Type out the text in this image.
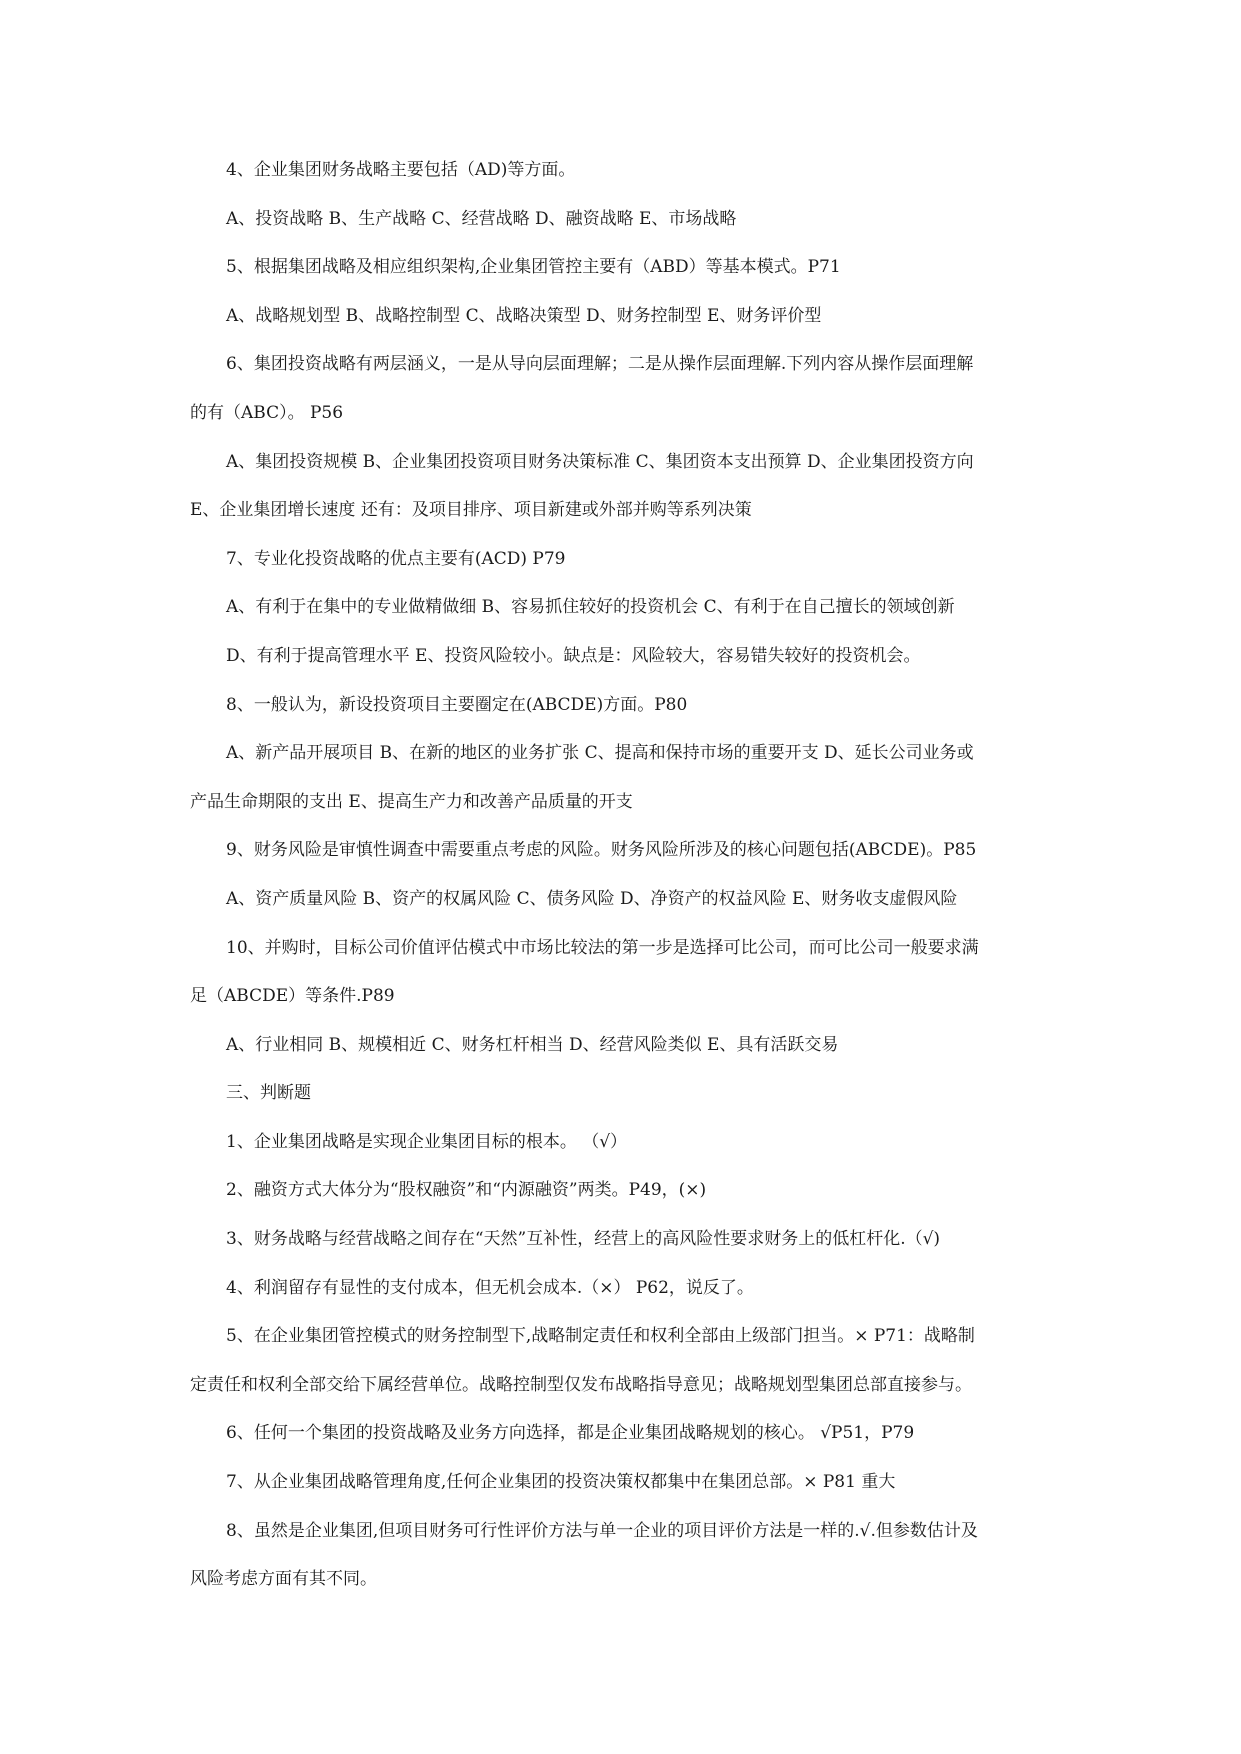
4、企业集团财务战略主要包括（AD)等方面。

A、投资战略 B、生产战略 C、经营战略 D、融资战略 E、市场战略

5、根据集团战略及相应组织架构,企业集团管控主要有（ABD）等基本模式。P71

A、战略规划型 B、战略控制型 C、战略决策型 D、财务控制型 E、财务评价型

6、集团投资战略有两层涵义，一是从导向层面理解；二是从操作层面理解.下列内容从操作层面理解

的有（ABC）。 P56

A、集团投资规模 B、企业集团投资项目财务决策标准 C、集团资本支出预算 D、企业集团投资方向

E、企业集团增长速度 还有：及项目排序、项目新建或外部并购等系列决策

7、专业化投资战略的优点主要有(ACD) P79

A、有利于在集中的专业做精做细 B、容易抓住较好的投资机会 C、有利于在自己擅长的领域创新

D、有利于提高管理水平 E、投资风险较小。缺点是：风险较大，容易错失较好的投资机会。

8、一般认为，新设投资项目主要圈定在(ABCDE)方面。P80

A、新产品开展项目 B、在新的地区的业务扩张 C、提高和保持市场的重要开支 D、延长公司业务或

产品生命期限的支出 E、提高生产力和改善产品质量的开支

9、财务风险是审慎性调查中需要重点考虑的风险。财务风险所涉及的核心问题包括(ABCDE)。P85

A、资产质量风险 B、资产的权属风险 C、债务风险 D、净资产的权益风险 E、财务收支虚假风险

10、并购时，目标公司价值评估模式中市场比较法的第一步是选择可比公司，而可比公司一般要求满

足（ABCDE）等条件.P89

A、行业相同 B、规模相近 C、财务杠杆相当 D、经营风险类似 E、具有活跃交易

三、判断题

1、企业集团战略是实现企业集团目标的根本。 （√）

2、融资方式大体分为“股权融资”和“内源融资”两类。P49，(×)

3、财务战略与经营战略之间存在“天然”互补性，经营上的高风险性要求财务上的低杠杆化.（√)

4、利润留存有显性的支付成本，但无机会成本.（×） P62，说反了。

5、在企业集团管控模式的财务控制型下,战略制定责任和权利全部由上级部门担当。× P71：战略制

定责任和权利全部交给下属经营单位。战略控制型仅发布战略指导意见；战略规划型集团总部直接参与。

6、任何一个集团的投资战略及业务方向选择，都是企业集团战略规划的核心。 √P51，P79

7、从企业集团战略管理角度,任何企业集团的投资决策权都集中在集团总部。× P81 重大

8、虽然是企业集团,但项目财务可行性评价方法与单一企业的项目评价方法是一样的.√.但参数估计及

风险考虑方面有其不同。
